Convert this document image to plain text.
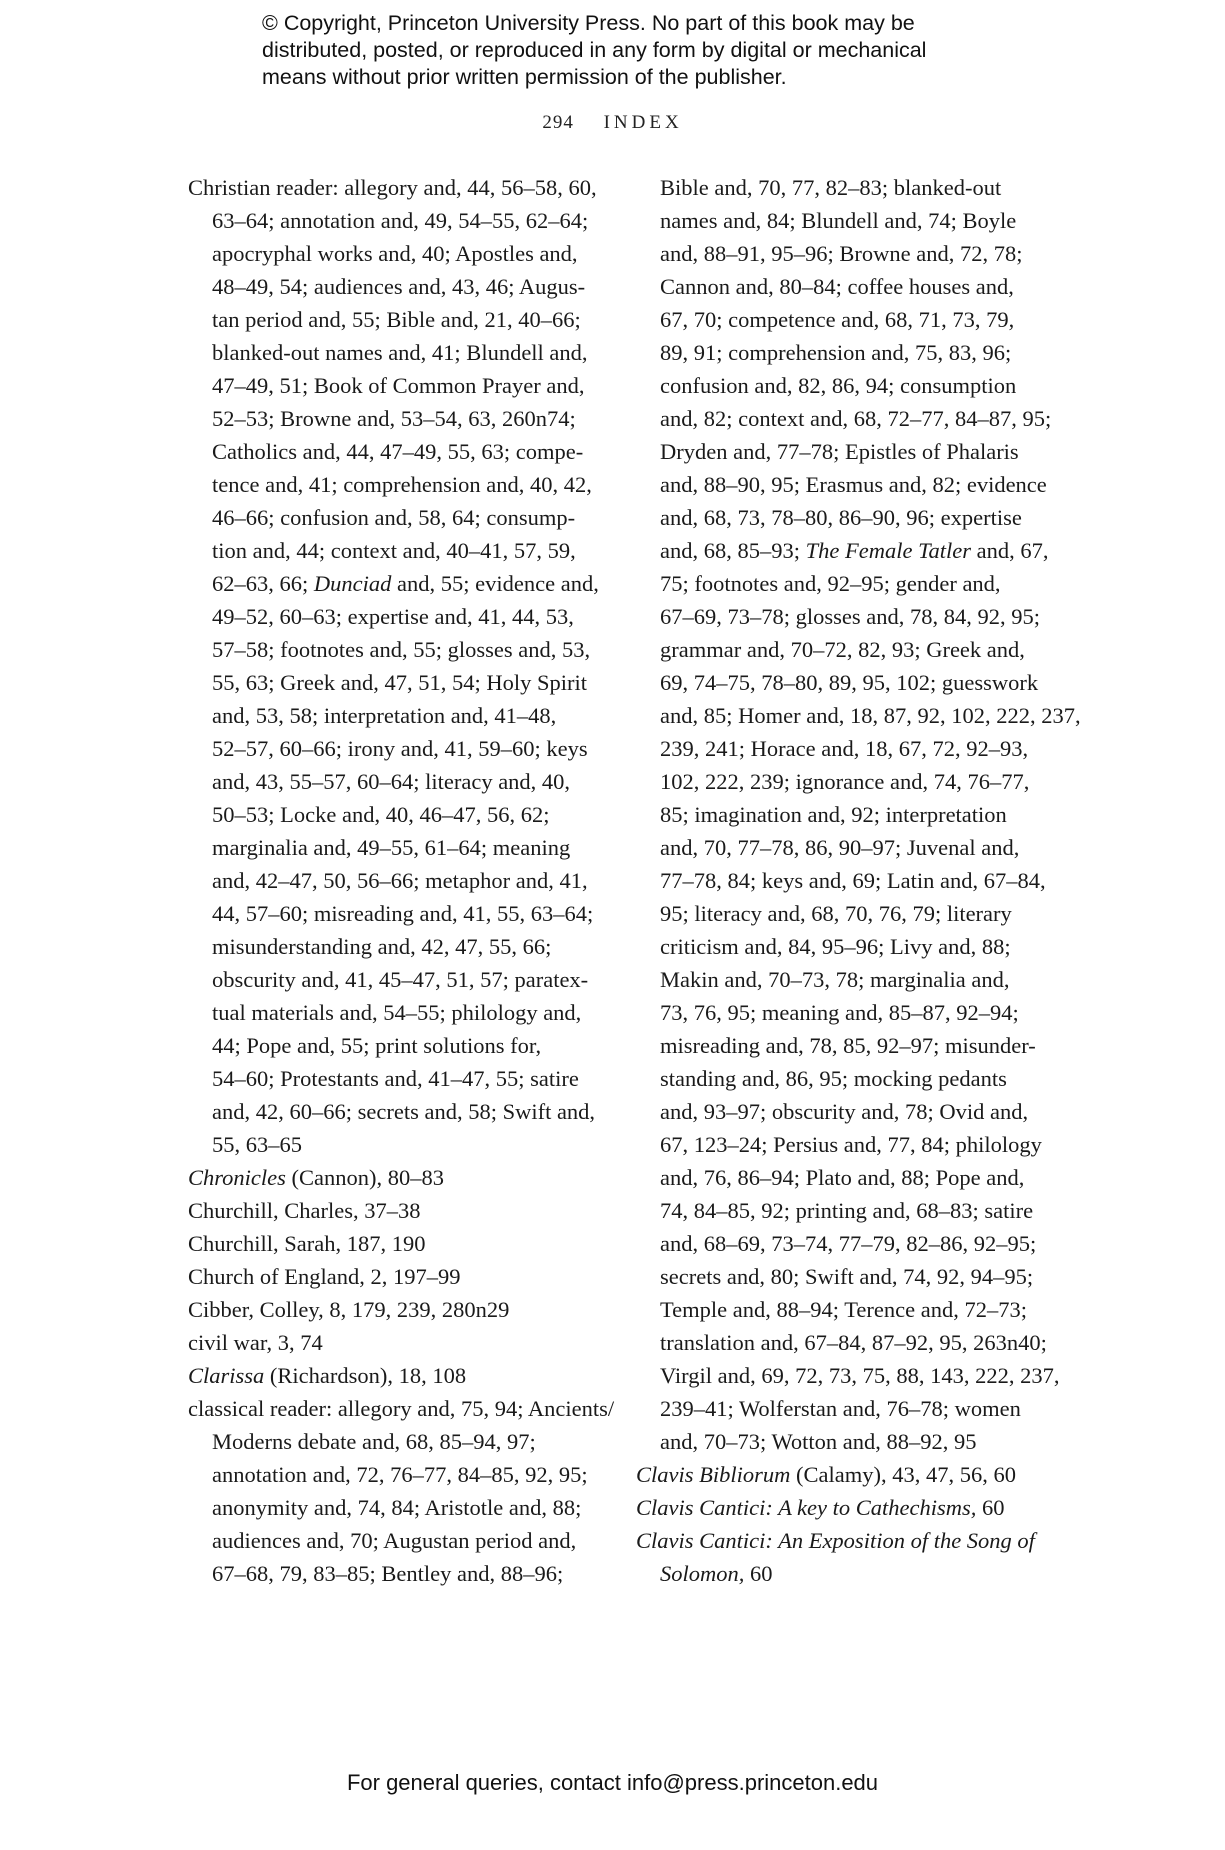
© Copyright, Princeton University Press. No part of this book may be
distributed, posted, or reproduced in any form by digital or mechanical
means without prior written permission of the publisher.
294 INDEX
Christian reader: allegory and, 44, 56–58, 60,
63–64; annotation and, 49, 54–55, 62–64;
apocryphal works and, 40; Apostles and,
48–49, 54; audiences and, 43, 46; Augus-
tan period and, 55; Bible and, 21, 40–66;
blanked-out names and, 41; Blundell and,
47–49, 51; Book of Common Prayer and,
52–53; Browne and, 53–54, 63, 260n74;
Catholics and, 44, 47–49, 55, 63; compe-
tence and, 41; comprehension and, 40, 42,
46–66; confusion and, 58, 64; consump-
tion and, 44; context and, 40–41, 57, 59,
62–63, 66; Dunciad and, 55; evidence and,
49–52, 60–63; expertise and, 41, 44, 53,
57–58; footnotes and, 55; glosses and, 53,
55, 63; Greek and, 47, 51, 54; Holy Spirit
and, 53, 58; interpretation and, 41–48,
52–57, 60–66; irony and, 41, 59–60; keys
and, 43, 55–57, 60–64; literacy and, 40,
50–53; Locke and, 40, 46–47, 56, 62;
marginalia and, 49–55, 61–64; meaning
and, 42–47, 50, 56–66; metaphor and, 41,
44, 57–60; misreading and, 41, 55, 63–64;
misunderstanding and, 42, 47, 55, 66;
obscurity and, 41, 45–47, 51, 57; paratex-
tual materials and, 54–55; philology and,
44; Pope and, 55; print solutions for,
54–60; Protestants and, 41–47, 55; satire
and, 42, 60–66; secrets and, 58; Swift and,
55, 63–65
Chronicles (Cannon), 80–83
Churchill, Charles, 37–38
Churchill, Sarah, 187, 190
Church of England, 2, 197–99
Cibber, Colley, 8, 179, 239, 280n29
civil war, 3, 74
Clarissa (Richardson), 18, 108
classical reader: allegory and, 75, 94; Ancients/
Moderns debate and, 68, 85–94, 97;
annotation and, 72, 76–77, 84–85, 92, 95;
anonymity and, 74, 84; Aristotle and, 88;
audiences and, 70; Augustan period and,
67–68, 79, 83–85; Bentley and, 88–96;
Bible and, 70, 77, 82–83; blanked-out
names and, 84; Blundell and, 74; Boyle
and, 88–91, 95–96; Browne and, 72, 78;
Cannon and, 80–84; coffee houses and,
67, 70; competence and, 68, 71, 73, 79,
89, 91; comprehension and, 75, 83, 96;
confusion and, 82, 86, 94; consumption
and, 82; context and, 68, 72–77, 84–87, 95;
Dryden and, 77–78; Epistles of Phalaris
and, 88–90, 95; Erasmus and, 82; evidence
and, 68, 73, 78–80, 86–90, 96; expertise
and, 68, 85–93; The Female Tatler and, 67,
75; footnotes and, 92–95; gender and,
67–69, 73–78; glosses and, 78, 84, 92, 95;
grammar and, 70–72, 82, 93; Greek and,
69, 74–75, 78–80, 89, 95, 102; guesswork
and, 85; Homer and, 18, 87, 92, 102, 222, 237,
239, 241; Horace and, 18, 67, 72, 92–93,
102, 222, 239; ignorance and, 74, 76–77,
85; imagination and, 92; interpretation
and, 70, 77–78, 86, 90–97; Juvenal and,
77–78, 84; keys and, 69; Latin and, 67–84,
95; literacy and, 68, 70, 76, 79; literary
criticism and, 84, 95–96; Livy and, 88;
Makin and, 70–73, 78; marginalia and,
73, 76, 95; meaning and, 85–87, 92–94;
misreading and, 78, 85, 92–97; misunder-
standing and, 86, 95; mocking pedants
and, 93–97; obscurity and, 78; Ovid and,
67, 123–24; Persius and, 77, 84; philology
and, 76, 86–94; Plato and, 88; Pope and,
74, 84–85, 92; printing and, 68–83; satire
and, 68–69, 73–74, 77–79, 82–86, 92–95;
secrets and, 80; Swift and, 74, 92, 94–95;
Temple and, 88–94; Terence and, 72–73;
translation and, 67–84, 87–92, 95, 263n40;
Virgil and, 69, 72, 73, 75, 88, 143, 222, 237,
239–41; Wolferstan and, 76–78; women
and, 70–73; Wotton and, 88–92, 95
Clavis Bibliorum (Calamy), 43, 47, 56, 60
Clavis Cantici: A key to Cathechisms, 60
Clavis Cantici: An Exposition of the Song of
Solomon, 60
For general queries, contact info@press.princeton.edu
